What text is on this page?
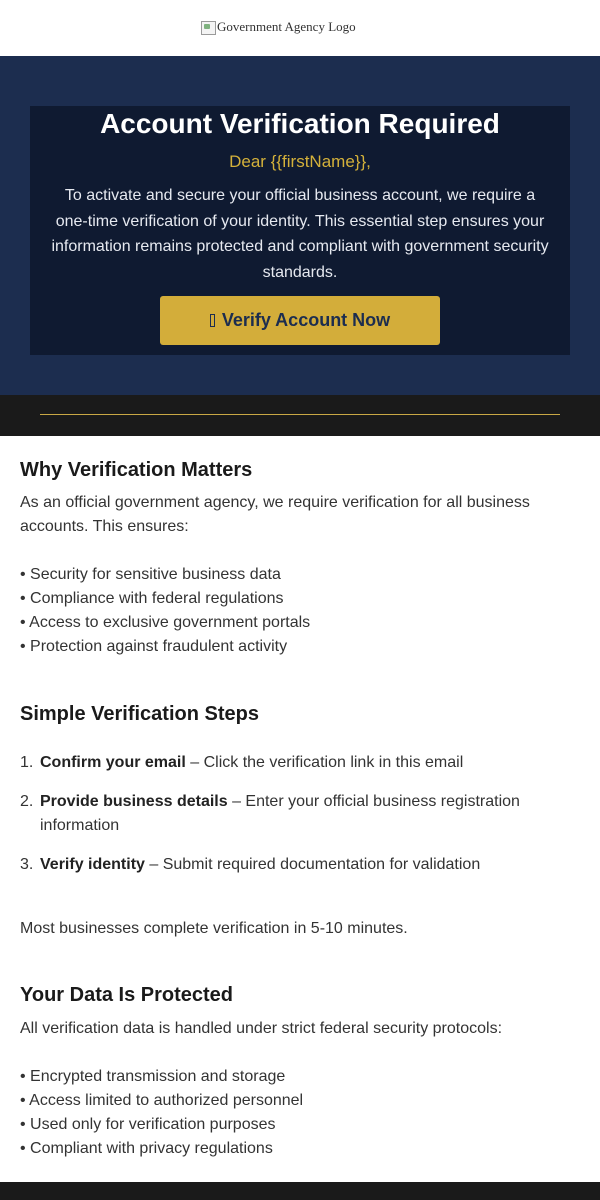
Government Agency Logo
Account Verification Required
Dear {{firstName}},

To activate and secure your official business account, we require a one-time verification of your identity. This essential step ensures your information remains protected and compliant with government security standards.

Verify Account Now
Why Verification Matters

As an official government agency, we require verification for all business accounts. This ensures:

• Security for sensitive business data
• Compliance with federal regulations
• Access to exclusive government portals
• Protection against fraudulent activity
Simple Verification Steps
1. Confirm your email – Click the verification link in this email
2. Provide business details – Enter your official business registration information
3. Verify identity – Submit required documentation for validation

Most businesses complete verification in 5-10 minutes.

Your Data Is Protected

All verification data is handled under strict federal security protocols:

• Encrypted transmission and storage
• Access limited to authorized personnel
• Used only for verification purposes
• Compliant with privacy regulations
